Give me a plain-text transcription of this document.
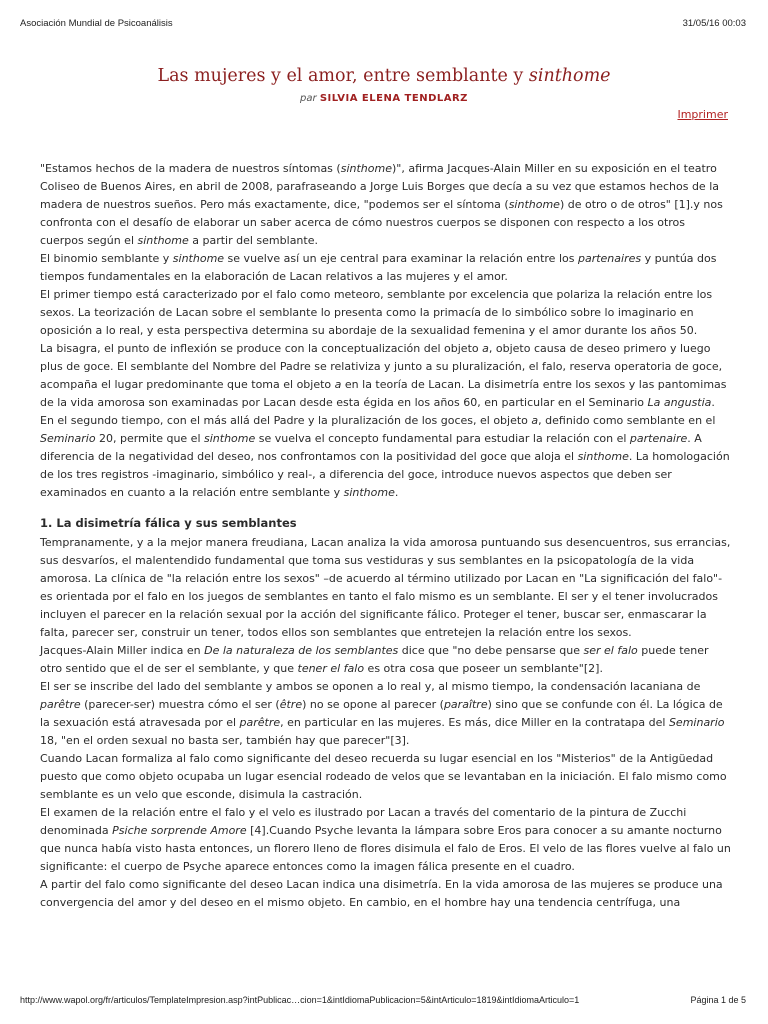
Asociación Mundial de Psicoanálisis	31/05/16 00:03
Las mujeres y el amor, entre semblante y sinthome
par SILVIA ELENA TENDLARZ
Imprimer

"Estamos hechos de la madera de nuestros síntomas (sinthome)", afirma Jacques-Alain Miller en su exposición en el teatro Coliseo de Buenos Aires, en abril de 2008, parafraseando a Jorge Luis Borges que decía a su vez que estamos hechos de la madera de nuestros sueños. Pero más exactamente, dice, "podemos ser el síntoma (sinthome) de otro o de otros" [1].y nos confronta con el desafío de elaborar un saber acerca de cómo nuestros cuerpos se disponen con respecto a los otros cuerpos según el sinthome a partir del semblante.

El binomio semblante y sinthome se vuelve así un eje central para examinar la relación entre los partenaires y puntúa dos tiempos fundamentales en la elaboración de Lacan relativos a las mujeres y el amor.

El primer tiempo está caracterizado por el falo como meteoro, semblante por excelencia que polariza la relación entre los sexos. La teorización de Lacan sobre el semblante lo presenta como la primacía de lo simbólico sobre lo imaginario en oposición a lo real, y esta perspectiva determina su abordaje de la sexualidad femenina y el amor durante los años 50.

La bisagra, el punto de inflexión se produce con la conceptualización del objeto a, objeto causa de deseo primero y luego plus de goce. El semblante del Nombre del Padre se relativiza y junto a su pluralización, el falo, reserva operatoria de goce, acompaña el lugar predominante que toma el objeto a en la teoría de Lacan. La disimetría entre los sexos y las pantomimas de la vida amorosa son examinadas por Lacan desde esta égida en los años 60, en particular en el Seminario La angustia.

En el segundo tiempo, con el más allá del Padre y la pluralización de los goces, el objeto a, definido como semblante en el Seminario 20, permite que el sinthome se vuelva el concepto fundamental para estudiar la relación con el partenaire. A diferencia de la negatividad del deseo, nos confrontamos con la positividad del goce que aloja el sinthome. La homologación de los tres registros -imaginario, simbólico y real-, a diferencia del goce, introduce nuevos aspectos que deben ser examinados en cuanto a la relación entre semblante y sinthome.

1. La disimetría fálica y sus semblantes

Tempranamente, y a la mejor manera freudiana, Lacan analiza la vida amorosa puntuando sus desencuentros, sus errancias, sus desvaríos, el malentendido fundamental que toma sus vestiduras y sus semblantes en la psicopatología de la vida amorosa. La clínica de "la relación entre los sexos" –de acuerdo al término utilizado por Lacan en "La significación del falo"- es orientada por el falo en los juegos de semblantes en tanto el falo mismo es un semblante. El ser y el tener involucrados incluyen el parecer en la relación sexual por la acción del significante fálico. Proteger el tener, buscar ser, enmascarar la falta, parecer ser, construir un tener, todos ellos son semblantes que entretejen la relación entre los sexos.

Jacques-Alain Miller indica en De la naturaleza de los semblantes dice que "no debe pensarse que ser el falo puede tener otro sentido que el de ser el semblante, y que tener el falo es otra cosa que poseer un semblante"[2].

El ser se inscribe del lado del semblante y ambos se oponen a lo real y, al mismo tiempo, la condensación lacaniana de parêtre (parecer-ser) muestra cómo el ser (être) no se opone al parecer (paraître) sino que se confunde con él. La lógica de la sexuación está atravesada por el parêtre, en particular en las mujeres. Es más, dice Miller en la contratapa del Seminario 18, "en el orden sexual no basta ser, también hay que parecer"[3].

Cuando Lacan formaliza al falo como significante del deseo recuerda su lugar esencial en los "Misterios" de la Antigüedad puesto que como objeto ocupaba un lugar esencial rodeado de velos que se levantaban en la iniciación. El falo mismo como semblante es un velo que esconde, disimula la castración.

El examen de la relación entre el falo y el velo es ilustrado por Lacan a través del comentario de la pintura de Zucchi denominada Psiche sorprende Amore [4].Cuando Psyche levanta la lámpara sobre Eros para conocer a su amante nocturno que nunca había visto hasta entonces, un florero lleno de flores disimula el falo de Eros. El velo de las flores vuelve al falo un significante: el cuerpo de Psyche aparece entonces como la imagen fálica presente en el cuadro.

A partir del falo como significante del deseo Lacan indica una disimetría. En la vida amorosa de las mujeres se produce una convergencia del amor y del deseo en el mismo objeto. En cambio, en el hombre hay una tendencia centrífuga, una

http://www.wapol.org/fr/articulos/TemplateImpresion.asp?intPublicac…cion=1&intIdiomaPublicacion=5&intArticulo=1819&intIdiomaArticulo=1	Página 1 de 5
